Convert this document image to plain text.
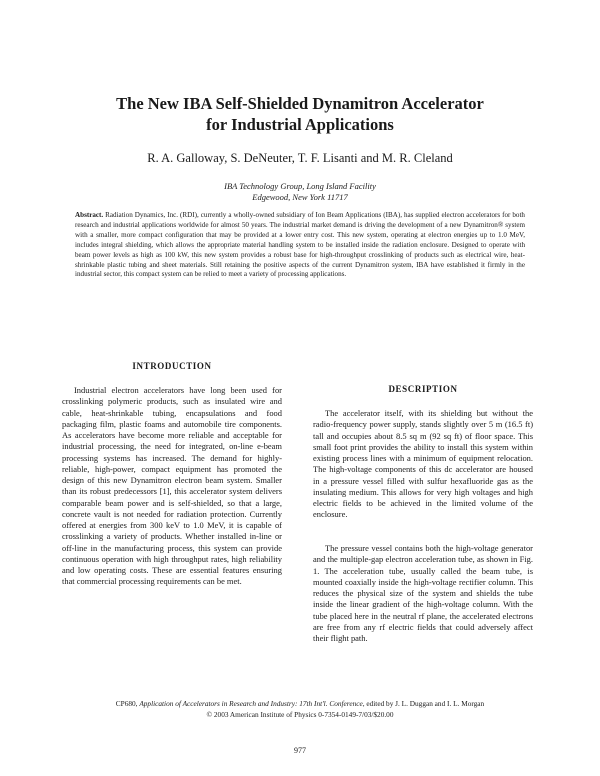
The New IBA Self-Shielded Dynamitron Accelerator
for Industrial Applications
R. A. Galloway, S. DeNeuter, T. F. Lisanti and M. R. Cleland
IBA Technology Group, Long Island Facility
Edgewood, New York 11717
Abstract. Radiation Dynamics, Inc. (RDI), currently a wholly-owned subsidiary of Ion Beam Applications (IBA), has supplied electron accelerators for both research and industrial applications worldwide for almost 50 years. The industrial market demand is driving the development of a new Dynamitron® system with a smaller, more compact configuration that may be provided at a lower entry cost. This new system, operating at electron energies up to 1.0 MeV, includes integral shielding, which allows the appropriate material handling system to be installed inside the radiation enclosure. Designed to operate with beam power levels as high as 100 kW, this new system provides a robust base for high-throughput crosslinking of products such as electrical wire, heat-shrinkable plastic tubing and sheet materials. Still retaining the positive aspects of the current Dynamitron system, IBA have established it firmly in the industrial sector, this compact system can be relied to meet a variety of processing applications.
INTRODUCTION

Industrial electron accelerators have long been used for crosslinking polymeric products, such as insulated wire and cable, heat-shrinkable tubing, encapsulations and food packaging film, plastic foams and automobile tire components. As accelerators have become more reliable and acceptable for industrial processing, the need for integrated, on-line e-beam processing systems has increased. The demand for highly-reliable, high-power, compact equipment has promoted the design of this new Dynamitron electron beam system. Smaller than its robust predecessors [1], this accelerator system delivers comparable beam power and is self-shielded, so that a large, concrete vault is not needed for radiation protection. Currently offered at energies from 300 keV to 1.0 MeV, it is capable of crosslinking a variety of products. Whether installed in-line or off-line in the manufacturing process, this system can provide continuous operation with high throughput rates, high reliability and low operating costs. These are essential features ensuring that commercial processing requirements can be met.

DESCRIPTION

The accelerator itself, with its shielding but without the radio-frequency power supply, stands slightly over 5 m (16.5 ft) tall and occupies about 8.5 sq m (92 sq ft) of floor space. This small foot print provides the ability to install this system within existing process lines with a minimum of equipment relocation. The high-voltage components of this dc accelerator are housed in a pressure vessel filled with sulfur hexafluoride gas as the insulating medium. This allows for very high voltages and high electric fields to be achieved in the limited volume of the enclosure.

The pressure vessel contains both the high-voltage generator and the multiple-gap electron acceleration tube, as shown in Fig. 1. The acceleration tube, usually called the beam tube, is mounted coaxially inside the high-voltage rectifier column. This reduces the physical size of the system and shields the tube inside the linear gradient of the high-voltage column. With the tube placed here in the neutral rf plane, the accelerated electrons are free from any rf electric fields that could adversely affect their flight path.

CP680, Application of Accelerators in Research and Industry: 17th Int'l. Conference, edited by J. L. Duggan and I. L. Morgan
© 2003 American Institute of Physics 0-7354-0149-7/03/$20.00
977
